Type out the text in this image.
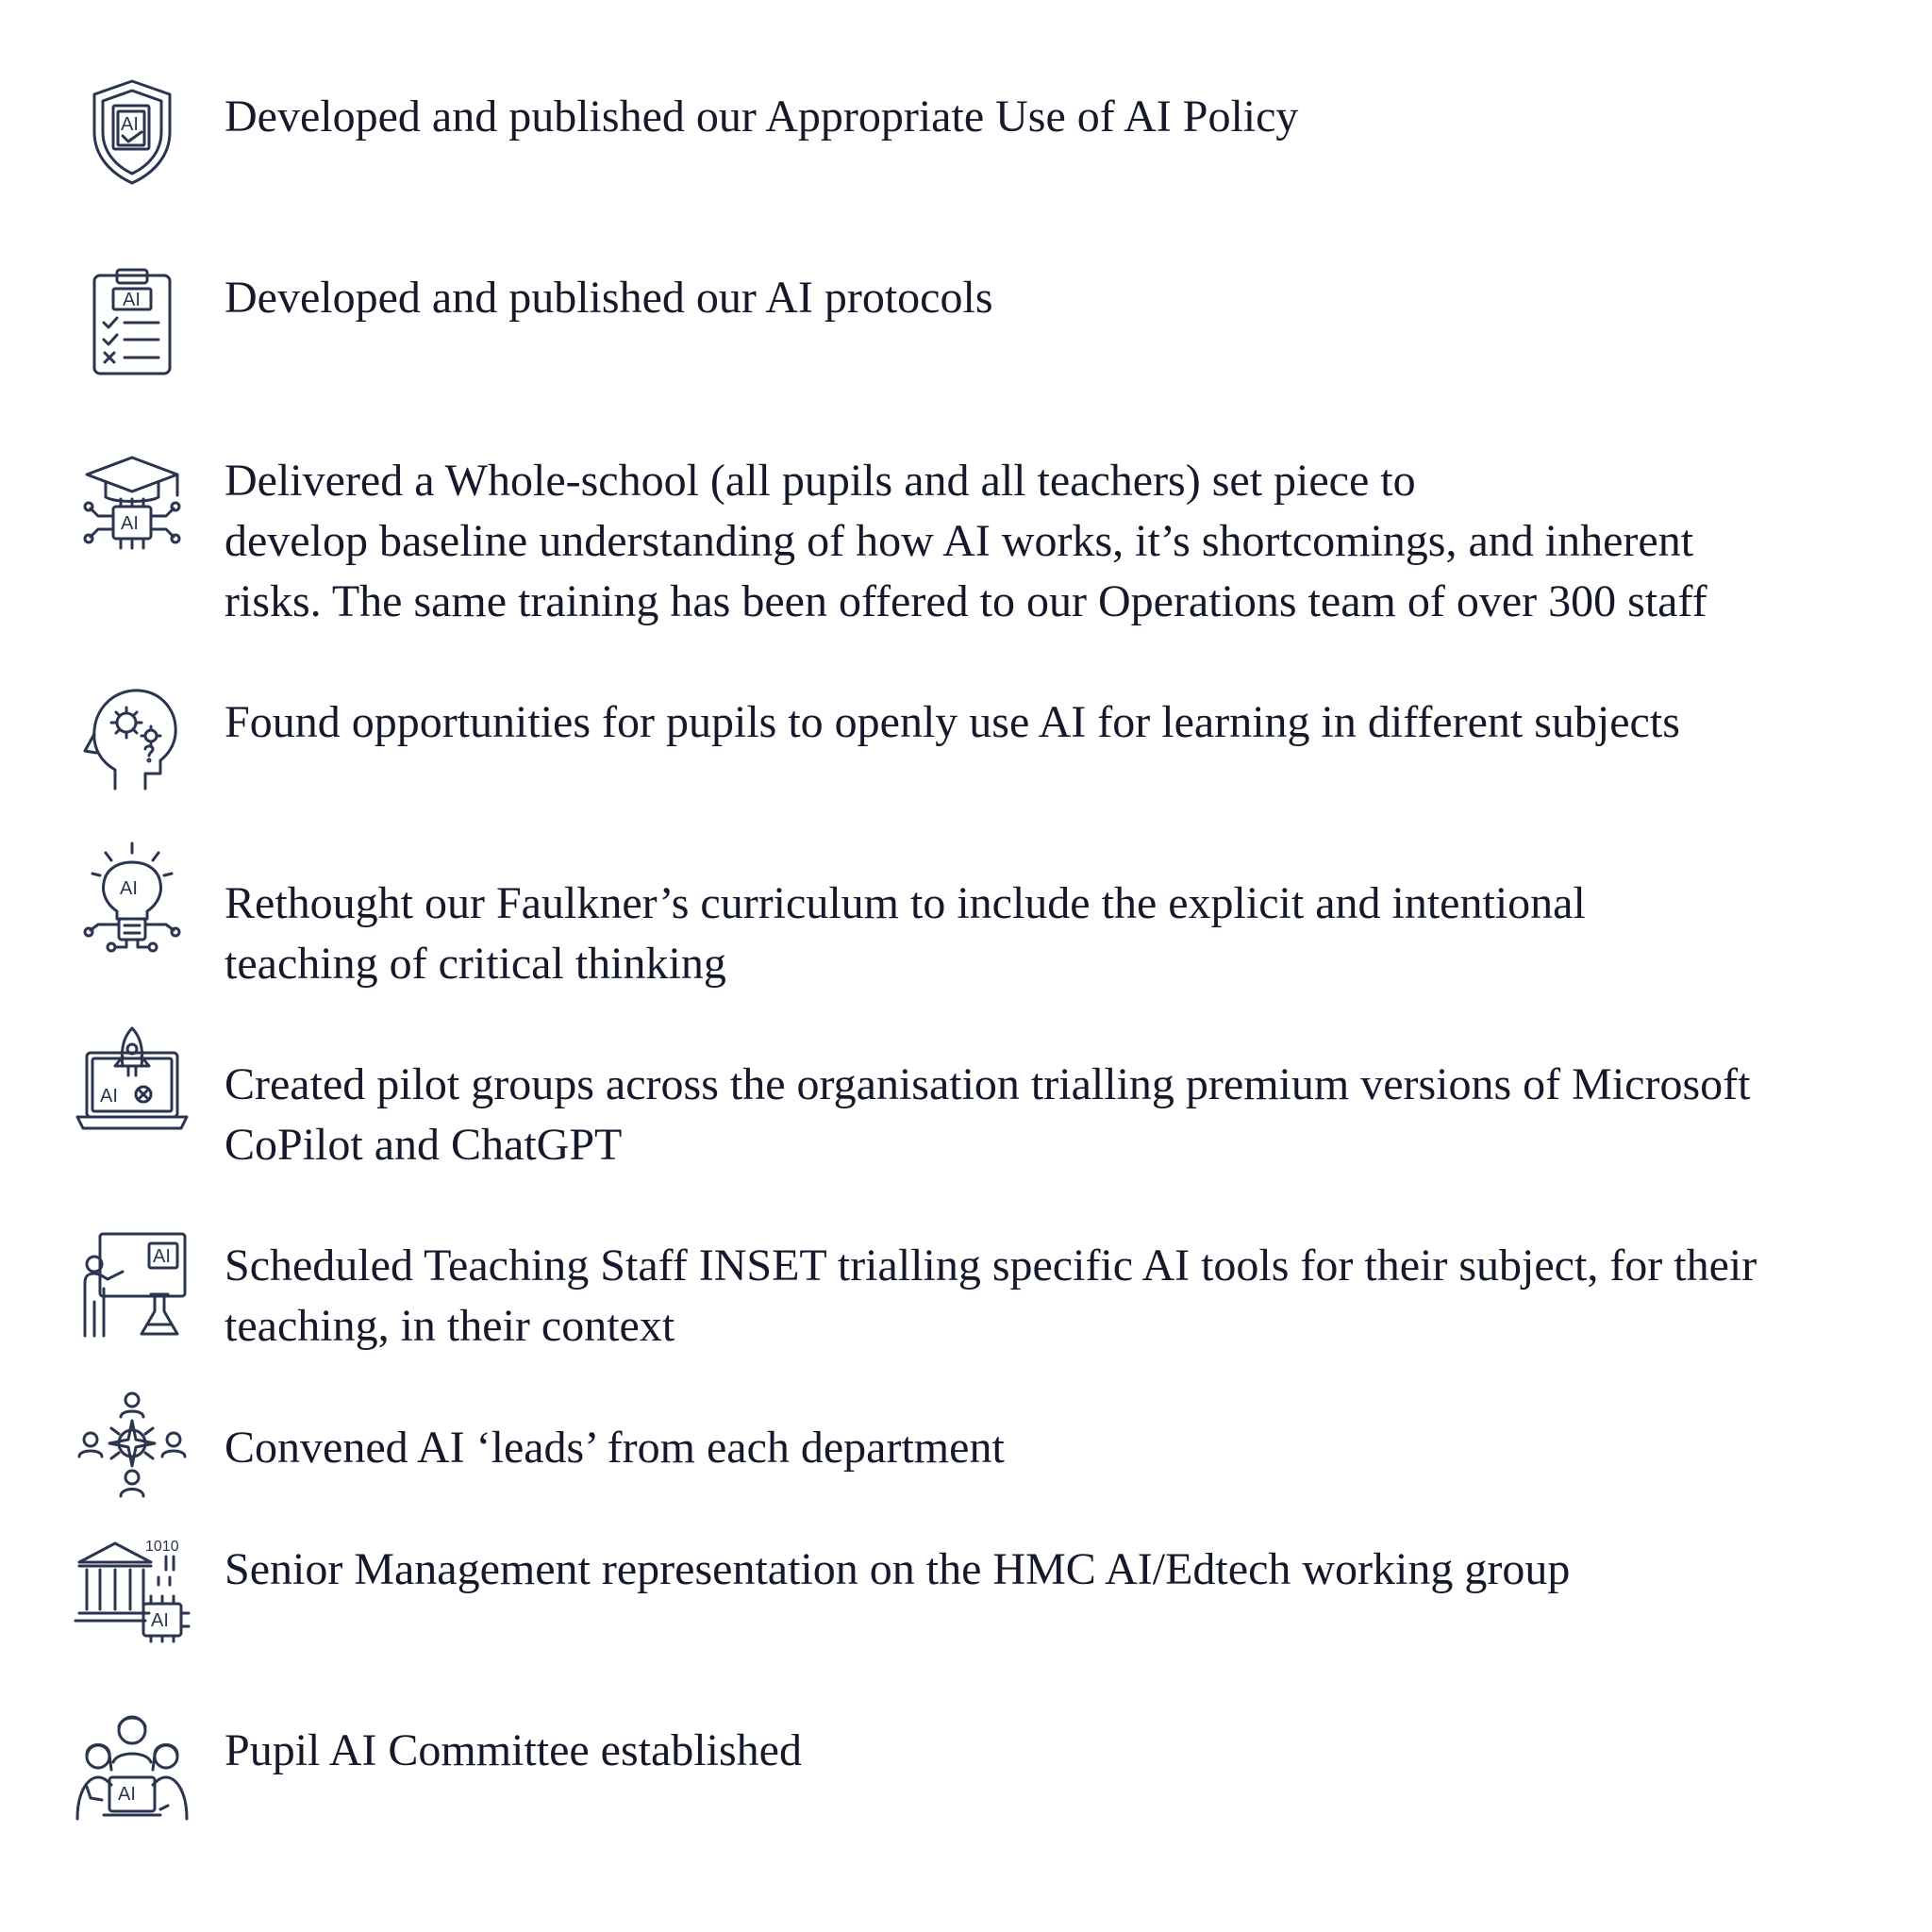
AI Developed and published our Appropriate Use of AI Policy
AI Developed and published our AI protocols
AI
Delivered a Whole-school (all pupils and all teachers) set piece to
develop baseline understanding of how AI works, it’s shortcomings, and inherent
risks. The same training has been offered to our Operations team of over 300 staff
Found opportunities for pupils to openly use AI for learning in different subjects
AI Rethought our Faulkner’s curriculum to include the explicit and intentional
teaching of critical thinking
AI Created pilot groups across the organisation trialling premium versions of Microsoft
CoPilot and ChatGPT
AI Scheduled Teaching Staff INSET trialling specific AI tools for their subject, for their
teaching, in their context
Convened AI ‘leads’ from each department
1010
AI
Senior Management representation on the HMC AI/Edtech working group
AI
Pupil AI Committee established
